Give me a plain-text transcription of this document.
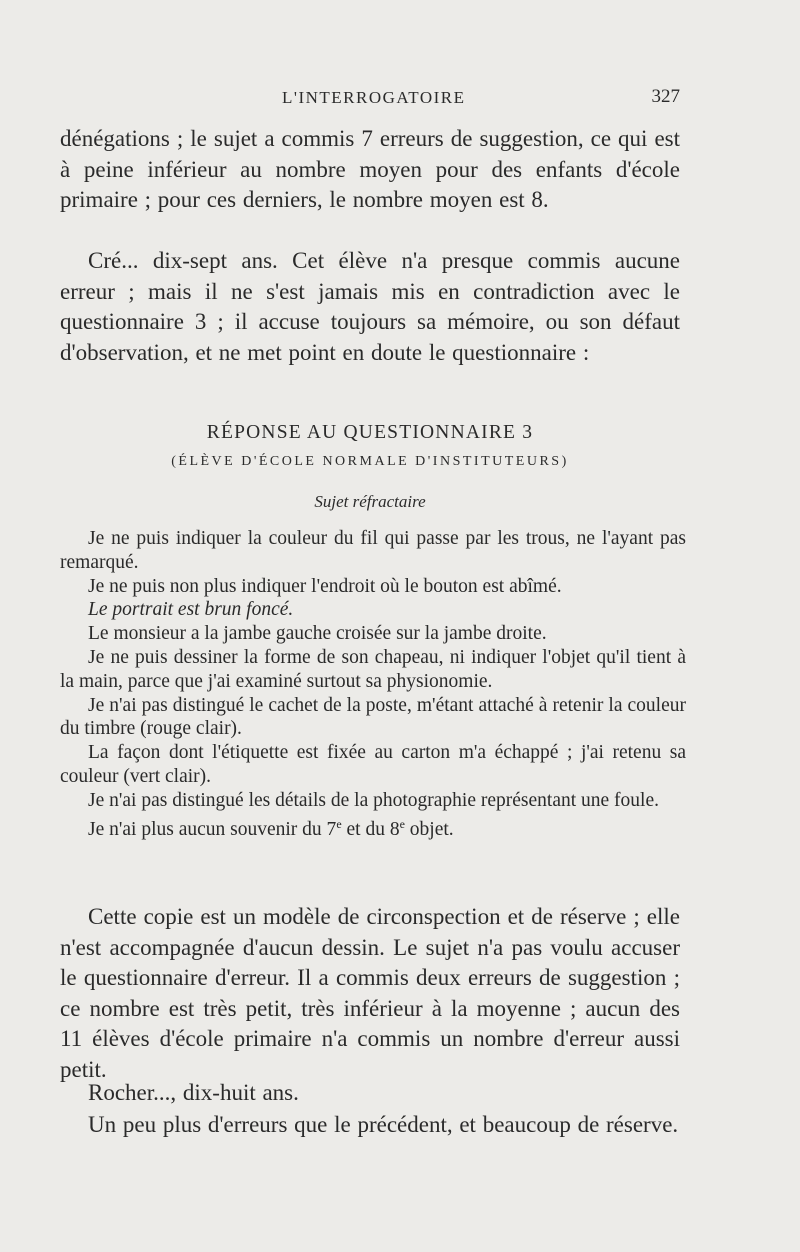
L'INTERROGATOIRE	327

dénégations ; le sujet a commis 7 erreurs de suggestion, ce qui est à peine inférieur au nombre moyen pour des enfants d'école primaire ; pour ces derniers, le nombre moyen est 8.

Cré... dix-sept ans. Cet élève n'a presque commis aucune erreur ; mais il ne s'est jamais mis en contradiction avec le questionnaire 3 ; il accuse toujours sa mémoire, ou son défaut d'observation, et ne met point en doute le questionnaire :

RÉPONSE AU QUESTIONNAIRE 3
(ÉLÈVE D'ÉCOLE NORMALE D'INSTITUTEURS)
Sujet réfractaire

Je ne puis indiquer la couleur du fil qui passe par les trous, ne l'ayant pas remarqué.

Je ne puis non plus indiquer l'endroit où le bouton est abîmé.

Le portrait est brun foncé.

Le monsieur a la jambe gauche croisée sur la jambe droite.

Je ne puis dessiner la forme de son chapeau, ni indiquer l'objet qu'il tient à la main, parce que j'ai examiné surtout sa physionomie.

Je n'ai pas distingué le cachet de la poste, m'étant attaché à retenir la couleur du timbre (rouge clair).

La façon dont l'étiquette est fixée au carton m'a échappé ; j'ai retenu sa couleur (vert clair).

Je n'ai pas distingué les détails de la photographie représentant une foule.

Je n'ai plus aucun souvenir du 7e et du 8e objet.

Cette copie est un modèle de circonspection et de réserve ; elle n'est accompagnée d'aucun dessin. Le sujet n'a pas voulu accuser le questionnaire d'erreur. Il a commis deux erreurs de suggestion ; ce nombre est très petit, très inférieur à la moyenne ; aucun des 11 élèves d'école primaire n'a commis un nombre d'erreur aussi petit.

Rocher..., dix-huit ans.

Un peu plus d'erreurs que le précédent, et beaucoup de réserve.
